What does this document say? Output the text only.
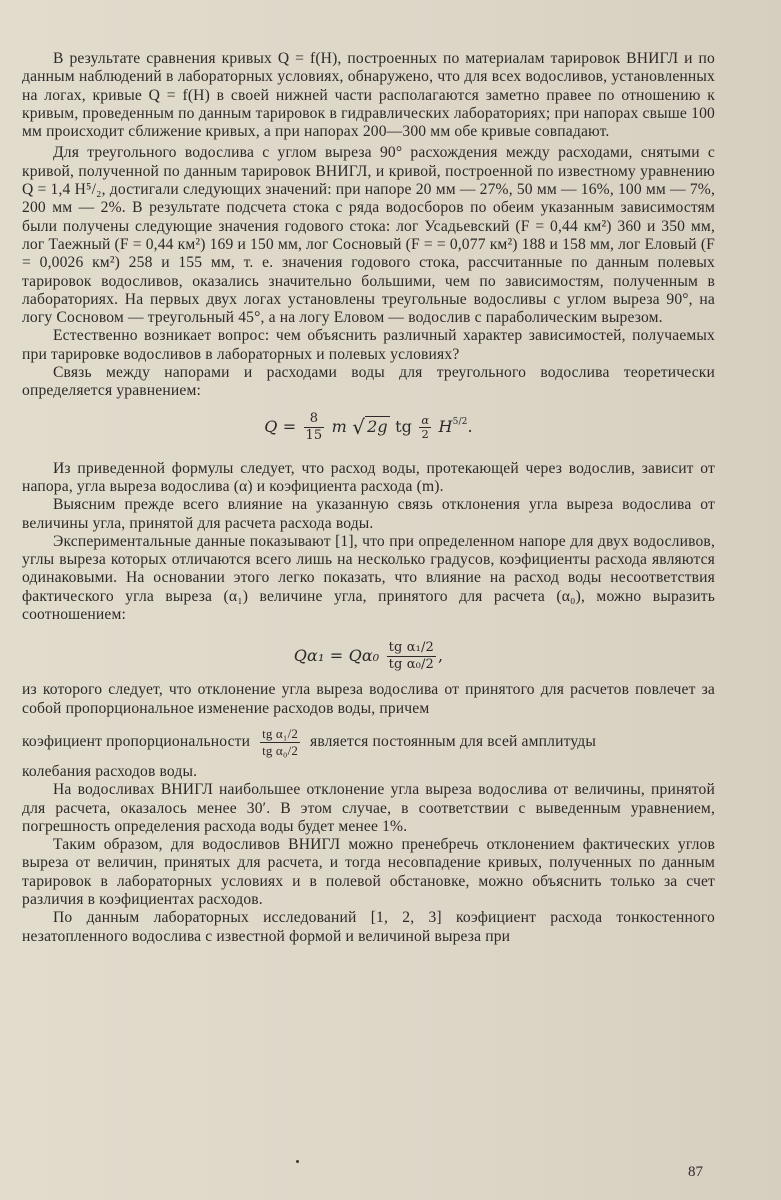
В результате сравнения кривых Q = f(H), построенных по материалам тарировок ВНИГЛ и по данным наблюдений в лабораторных условиях, обнаружено, что для всех водосливов, установленных на логах, кривые Q = f(H) в своей нижней части располагаются заметно правее по отношению к кривым, проведенным по данным тарировок в гидравлических лабораториях; при напорах свыше 100 мм происходит сближение кривых, а при напорах 200—300 мм обе кривые совпадают.

Для треугольного водослива с углом выреза 90° расхождения между расходами, снятыми с кривой, полученной по данным тарировок ВНИГЛ, и кривой, построенной по известному уравнению Q = 1,4 H⁵/₂, достигали следующих значений: при напоре 20 мм — 27%, 50 мм — 16%, 100 мм — 7%, 200 мм — 2%. В результате подсчета стока с ряда водосборов по обеим указанным зависимостям были получены следующие значения годового стока: лог Усадьевский (F = 0,44 км²) 360 и 350 мм, лог Таежный (F = 0,44 км²) 169 и 150 мм, лог Сосновый (F = = 0,077 км²) 188 и 158 мм, лог Еловый (F = 0,0026 км²) 258 и 155 мм, т. е. значения годового стока, рассчитанные по данным полевых тарировок водосливов, оказались значительно большими, чем по зависимостям, полученным в лабораториях. На первых двух логах установлены треугольные водосливы с углом выреза 90°, на логу Сосновом — треугольный 45°, а на логу Еловом — водослив с параболическим вырезом.

Естественно возникает вопрос: чем объяснить различный характер зависимостей, получаемых при тарировке водосливов в лабораторных и полевых условиях?

Связь между напорами и расходами воды для треугольного водослива теоретически определяется уравнением:

$Q = \frac{8}{15}$ m √ 2g tg $\frac{\alpha}{2} H^{5/2}$.

Из приведенной формулы следует, что расход воды, протекающей через водослив, зависит от напора, угла выреза водослива (α) и коэфициента расхода (m).

Выясним прежде всего влияние на указанную связь отклонения угла выреза водослива от величины угла, принятой для расчета расхода воды.

Экспериментальные данные показывают [1], что при определенном напоре для двух водосливов, углы выреза которых отличаются всего лишь на несколько градусов, коэфициенты расхода являются одинаковыми. На основании этого легко показать, что влияние на расход воды несоответствия фактического угла выреза (α₁) величине угла, принятого для расчета (α₀), можно выразить соотношением:

$Q\alpha_1 = Q\alpha_0 \frac{\text{tg α₁/2}}{\text{tg α₀/2}}$ ,

из которого следует, что отклонение угла выреза водослива от принятого для расчетов повлечет за собой пропорциональное изменение расходов воды, причем

коэфициент пропорциональности $\frac{\text{tg α₁/2}}{\text{tg α₀/2}}$ является постоянным для всей амплитуды

колебания расходов воды.

На водосливах ВНИГЛ наибольшее отклонение угла выреза водослива от величины, принятой для расчета, оказалось менее 30′. В этом случае, в соответствии с выведенным уравнением, погрешность определения расхода воды будет менее 1%.

Таким образом, для водосливов ВНИГЛ можно пренебречь отклонением фактических углов выреза от величин, принятых для расчета, и тогда несовпадение кривых, полученных по данным тарировок в лабораторных условиях и в полевой обстановке, можно объяснить только за счет различия в коэфициентах расходов.

По данным лабораторных исследований [1, 2, 3] коэфициент расхода тонкостенного незатопленного водослива с известной формой и величиной выреза при

87
